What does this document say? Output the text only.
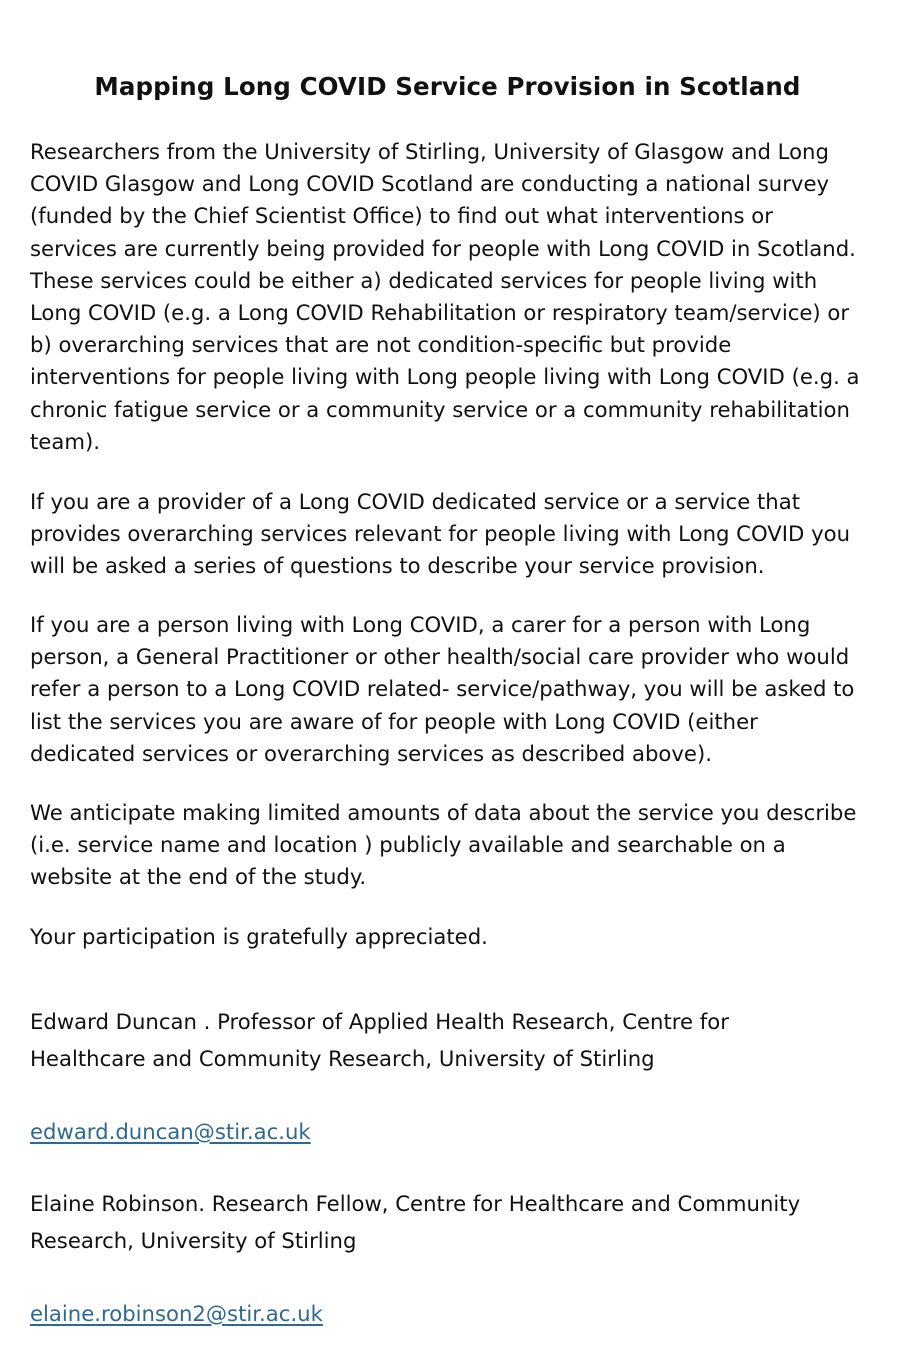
Mapping Long COVID Service Provision in Scotland

Researchers from the University of Stirling, University of Glasgow and Long
COVID Glasgow and Long COVID Scotland are conducting a national survey
(funded by the Chief Scientist Office) to find out what interventions or
services are currently being provided for people with Long COVID in Scotland.
These services could be either a) dedicated services for people living with
Long COVID (e.g. a Long COVID Rehabilitation or respiratory team/service) or
b) overarching services that are not condition-specific but provide
interventions for people living with Long people living with Long COVID (e.g. a
chronic fatigue service or a community service or a community rehabilitation
team).

If you are a provider of a Long COVID dedicated service or a service that
provides overarching services relevant for people living with Long COVID you
will be asked a series of questions to describe your service provision.

If you are a person living with Long COVID, a carer for a person with Long
person, a General Practitioner or other health/social care provider who would
refer a person to a Long COVID related- service/pathway, you will be asked to
list the services you are aware of for people with Long COVID (either
dedicated services or overarching services as described above).

We anticipate making limited amounts of data about the service you describe
(i.e. service name and location ) publicly available and searchable on a
website at the end of the study.

Your participation is gratefully appreciated.

Edward Duncan . Professor of Applied Health Research, Centre for
Healthcare and Community Research, University of Stirling

edward.duncan@stir.ac.uk

Elaine Robinson. Research Fellow, Centre for Healthcare and Community
Research, University of Stirling

elaine.robinson2@stir.ac.uk
